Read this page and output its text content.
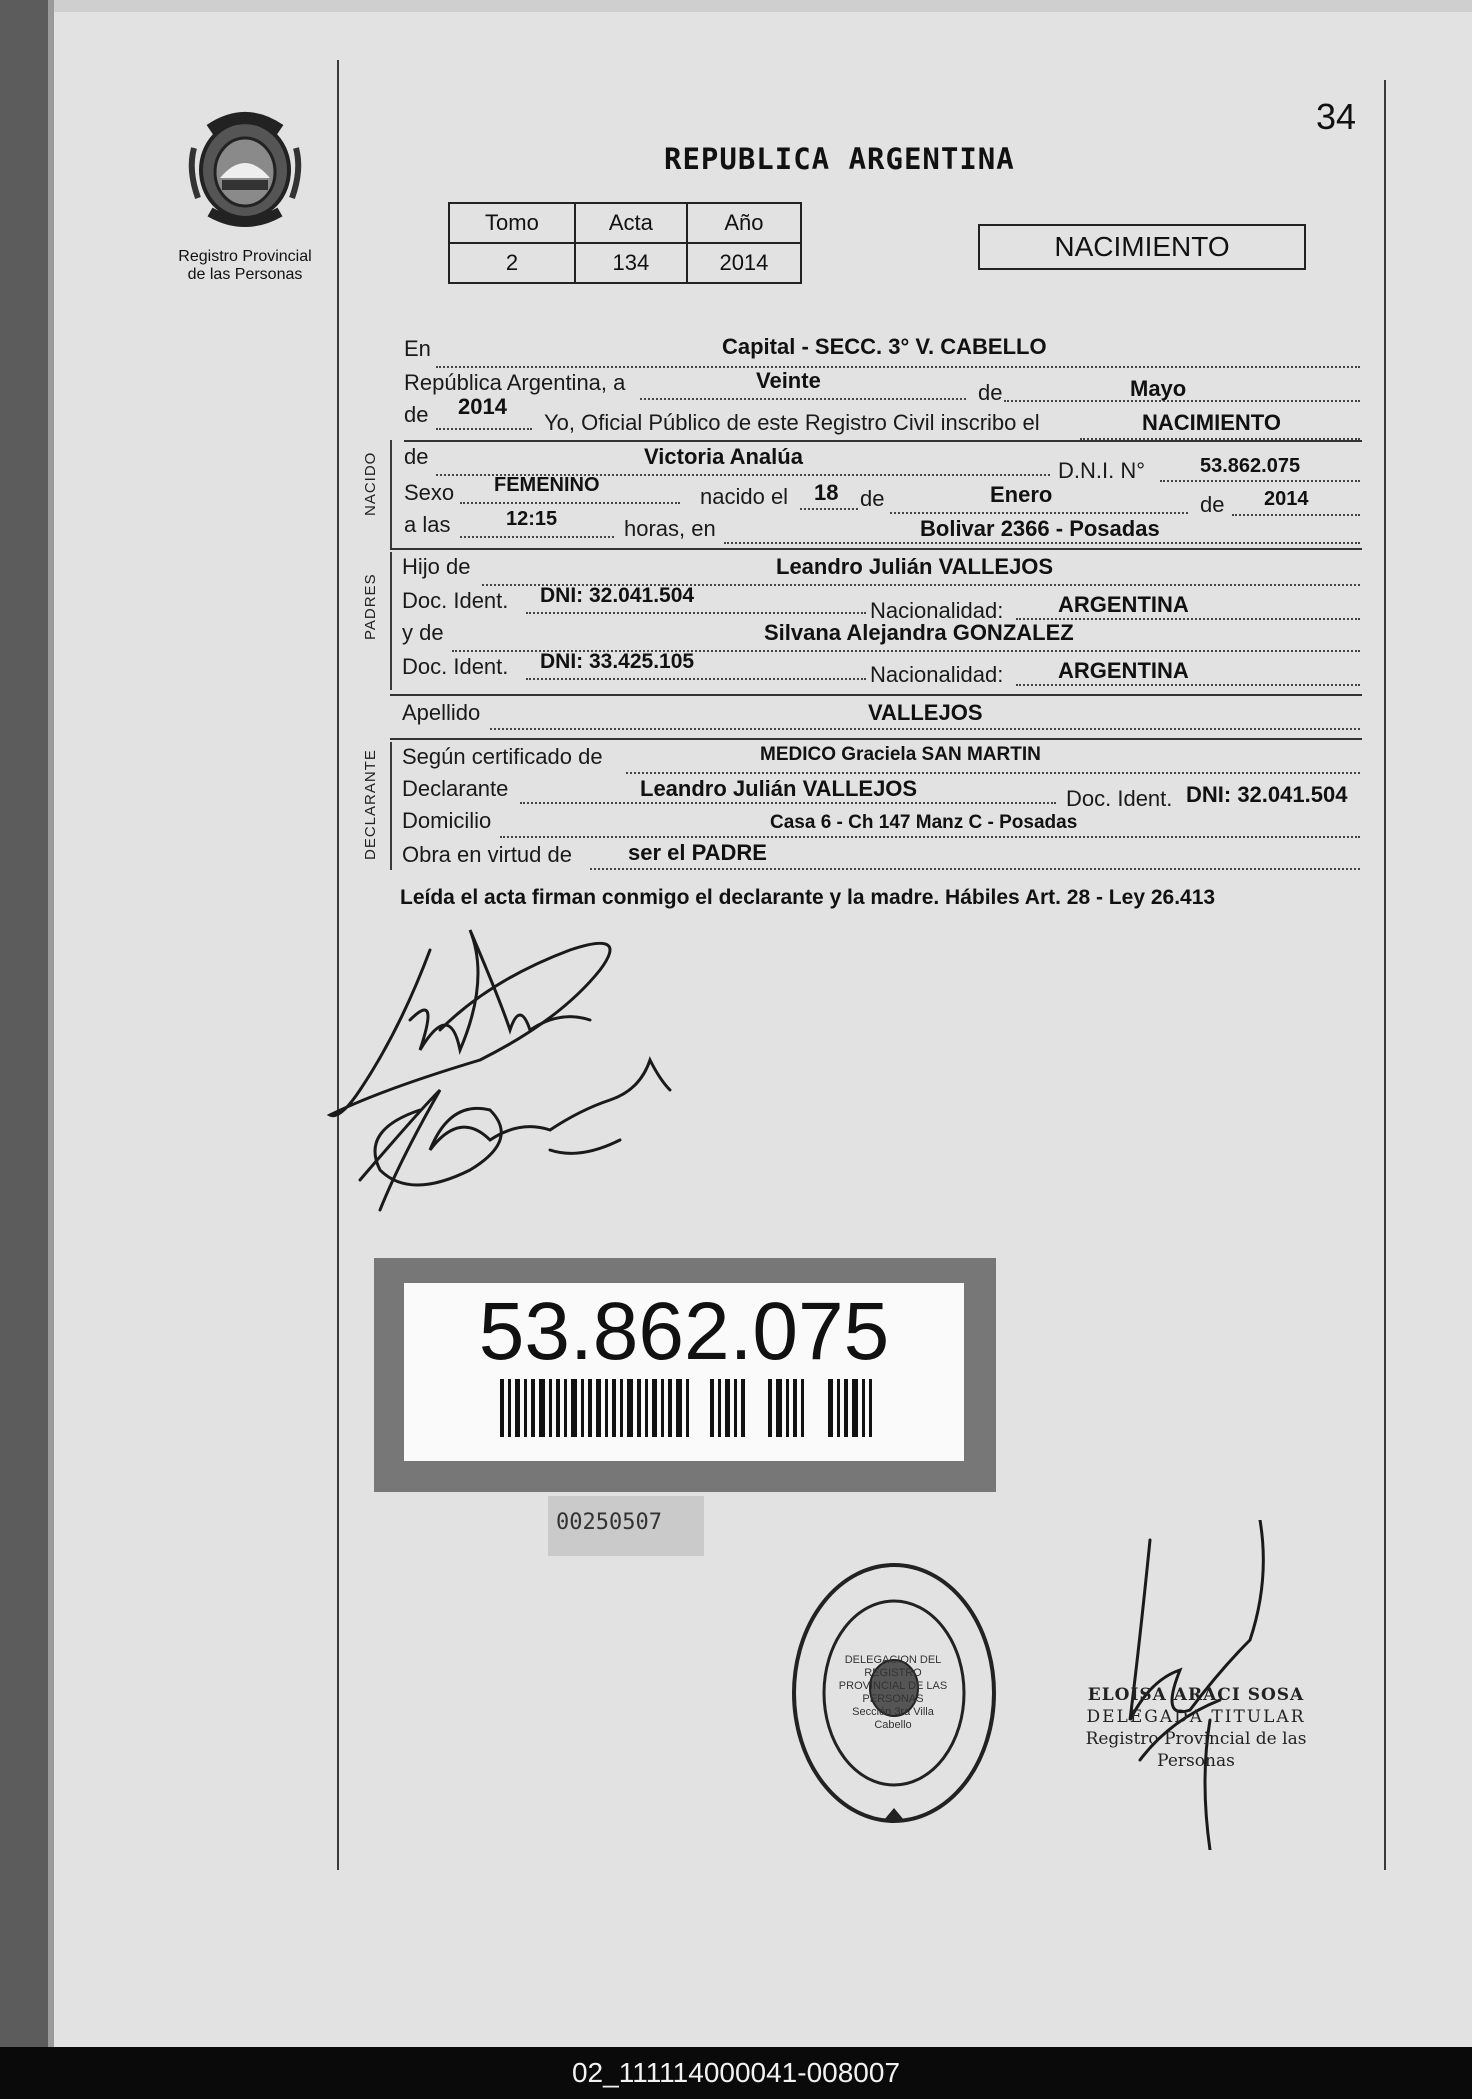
34
Registro Provincial
de las Personas
REPUBLICA ARGENTINA
Tomo	Acta	Año
2	134	2014
NACIMIENTO
En	Capital - SECC. 3° V. CABELLO
República Argentina, a	Veinte	de	Mayo
de 2014
Yo, Oficial Público de este Registro Civil inscribo el	NACIMIENTO
NACIDO de	Victoria Analúa
D.N.I. N°	53.862.075
Sexo FEMENINO	nacido el 18 de	Enero	de 2014
a las	12:15	horas, en	Bolivar 2366 - Posadas
PADRES
Hijo de	Leandro Julián VALLEJOS
Doc. Ident. DNI: 32.041.504
Nacionalidad: ARGENTINA
y de	Silvana Alejandra GONZALEZ
Doc. Ident. DNI: 33.425.105
Nacionalidad: ARGENTINA
Apellido	VALLEJOS
DECLARANTE Según certificado de	MEDICO Graciela SAN MARTIN
Declarante	Leandro Julián VALLEJOS	Doc. Ident. DNI: 32.041.504
Domicilio	Casa 6 - Ch 147 Manz C - Posadas
Obra en virtud de	ser el PADRE
Leída el acta firman conmigo el declarante y la madre. Hábiles Art. 28 - Ley 26.413
53.862.075
00250507
DELEGACION DEL REGISTRO PROVINCIAL DE LAS PERSONAS
Sección 3ra Villa Cabello
ELOISA ARACI SOSA
DELEGADA TITULAR
Registro Provincial de las Personas
02_111114000041-008007
